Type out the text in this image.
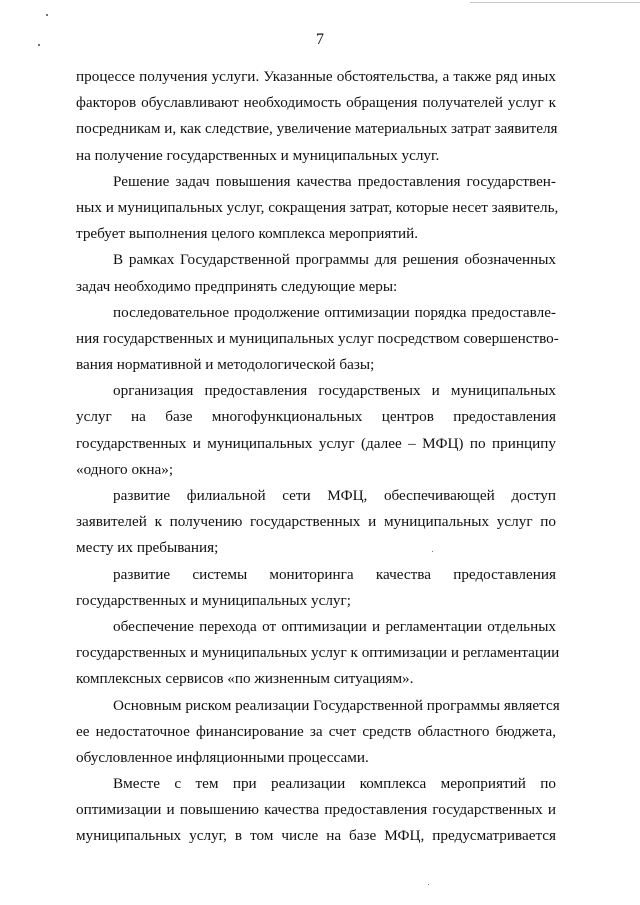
7
процессе получения услуги. Указанные обстоятельства, а также ряд иных
факторов обуславливают необходимость обращения получателей услуг к
посредникам и, как следствие, увеличение материальных затрат заявителя
на получение государственных и муниципальных услуг.
Решение задач повышения качества предоставления государствен-
ных и муниципальных услуг, сокращения затрат, которые несет заявитель,
требует выполнения целого комплекса мероприятий.
В рамках Государственной программы для решения обозначенных
задач необходимо предпринять следующие меры:
последовательное продолжение оптимизации порядка предоставле-
ния государственных и муниципальных услуг посредством совершенство-
вания нормативной и методологической базы;
организация предоставления государственых и муниципальных
услуг на базе многофункциональных центров предоставления
государственных и муниципальных услуг (далее – МФЦ) по принципу
«одного окна»;
развитие филиальной сети МФЦ, обеспечивающей доступ
заявителей к получению государственных и муниципальных услуг по
месту их пребывания;
развитие системы мониторинга качества предоставления
государственных и муниципальных услуг;
обеспечение перехода от оптимизации и регламентации отдельных
государственных и муниципальных услуг к оптимизации и регламентации
комплексных сервисов «по жизненным ситуациям».
Основным риском реализации Государственной программы является
ее недостаточное финансирование за счет средств областного бюджета,
обусловленное инфляционными процессами.
Вместе с тем при реализации комплекса мероприятий по
оптимизации и повышению качества предоставления государственных и
муниципальных услуг, в том числе на базе МФЦ, предусматривается
